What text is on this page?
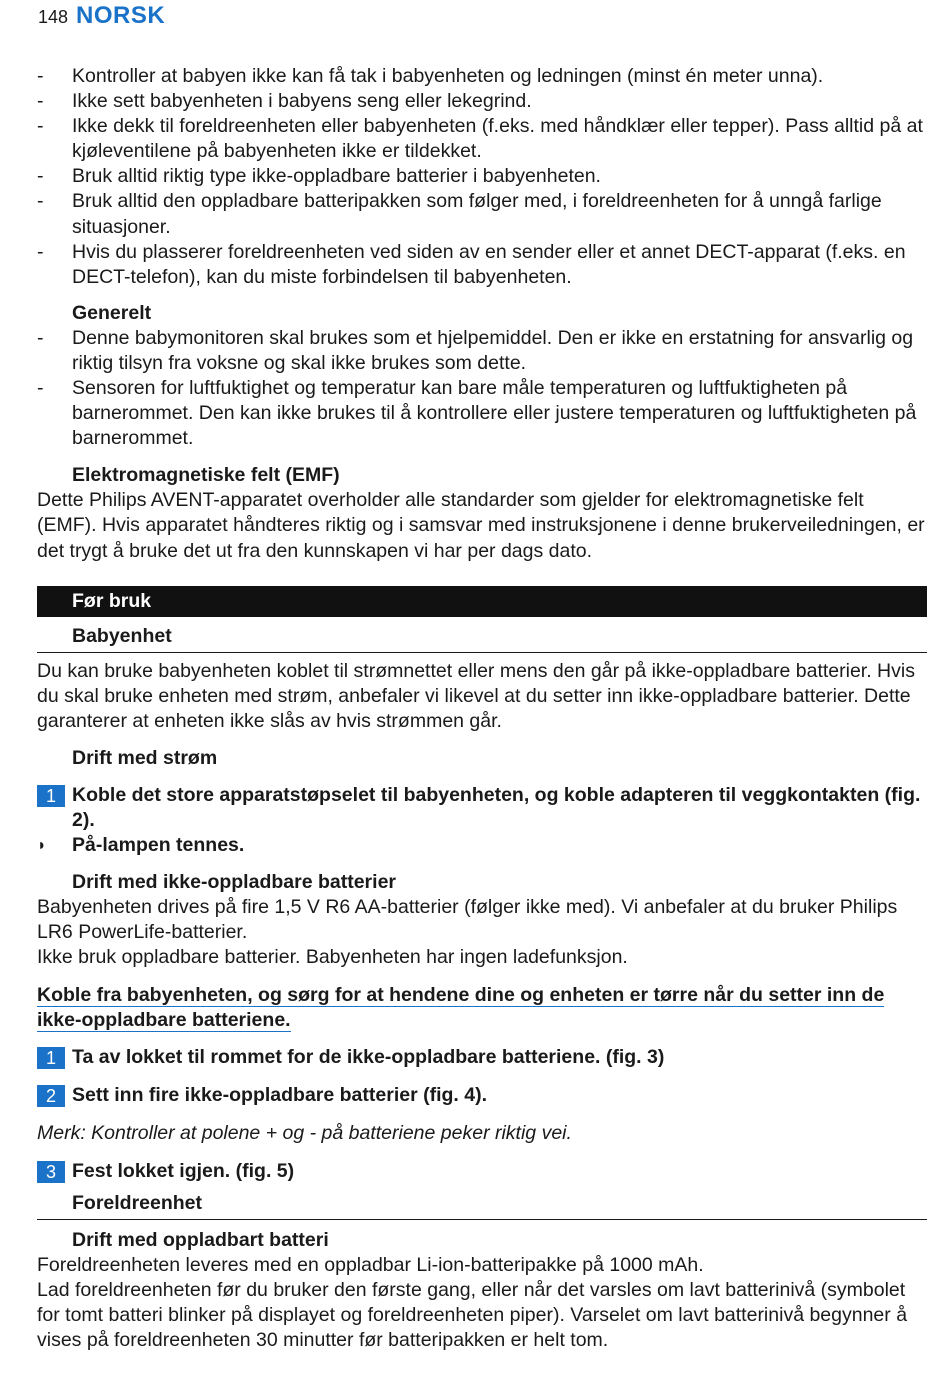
148 NORSK
-	Kontroller at babyen ikke kan få tak i babyenheten og ledningen (minst én meter unna).
-	Ikke sett babyenheten i babyens seng eller lekegrind.
-	Ikke dekk til foreldreenheten eller babyenheten (f.eks. med håndklær eller tepper). Pass alltid på at kjøleventilene på babyenheten ikke er tildekket.
-	Bruk alltid riktig type ikke-oppladbare batterier i babyenheten.
-	Bruk alltid den oppladbare batteripakken som følger med, i foreldreenheten for å unngå farlige situasjoner.
-	Hvis du plasserer foreldreenheten ved siden av en sender eller et annet DECT-apparat (f.eks. en DECT-telefon), kan du miste forbindelsen til babyenheten.
Generelt
-	Denne babymonitoren skal brukes som et hjelpemiddel. Den er ikke en erstatning for ansvarlig og riktig tilsyn fra voksne og skal ikke brukes som dette.
-	Sensoren for luftfuktighet og temperatur kan bare måle temperaturen og luftfuktigheten på barnerommet. Den kan ikke brukes til å kontrollere eller justere temperaturen og luftfuktigheten på barnerommet.
Elektromagnetiske felt (EMF)
Dette Philips AVENT-apparatet overholder alle standarder som gjelder for elektromagnetiske felt (EMF). Hvis apparatet håndteres riktig og i samsvar med instruksjonene i denne brukerveiledningen, er det trygt å bruke det ut fra den kunnskapen vi har per dags dato.
Før bruk
Babyenhet
Du kan bruke babyenheten koblet til strømnettet eller mens den går på ikke-oppladbare batterier. Hvis du skal bruke enheten med strøm, anbefaler vi likevel at du setter inn ikke-oppladbare batterier. Dette garanterer at enheten ikke slås av hvis strømmen går.
Drift med strøm
1 Koble det store apparatstøpselet til babyenheten, og koble adapteren til veggkontakten (fig. 2).
◗	På-lampen tennes.
Drift med ikke-oppladbare batterier
Babyenheten drives på fire 1,5 V R6 AA-batterier (følger ikke med). Vi anbefaler at du bruker Philips LR6 PowerLife-batterier.
Ikke bruk oppladbare batterier. Babyenheten har ingen ladefunksjon.
Koble fra babyenheten, og sørg for at hendene dine og enheten er tørre når du setter inn de ikke-oppladbare batteriene.
1 Ta av lokket til rommet for de ikke-oppladbare batteriene. (fig. 3)
2 Sett inn fire ikke-oppladbare batterier (fig. 4).
Merk: Kontroller at polene + og - på batteriene peker riktig vei.
3 Fest lokket igjen. (fig. 5)
Foreldreenhet
Drift med oppladbart batteri
Foreldreenheten leveres med en oppladbar Li-ion-batteripakke på 1000 mAh.
Lad foreldreenheten før du bruker den første gang, eller når det varsles om lavt batterinivå (symbolet for tomt batteri blinker på displayet og foreldreenheten piper). Varselet om lavt batterinivå begynner å vises på foreldreenheten 30 minutter før batteripakken er helt tom.
